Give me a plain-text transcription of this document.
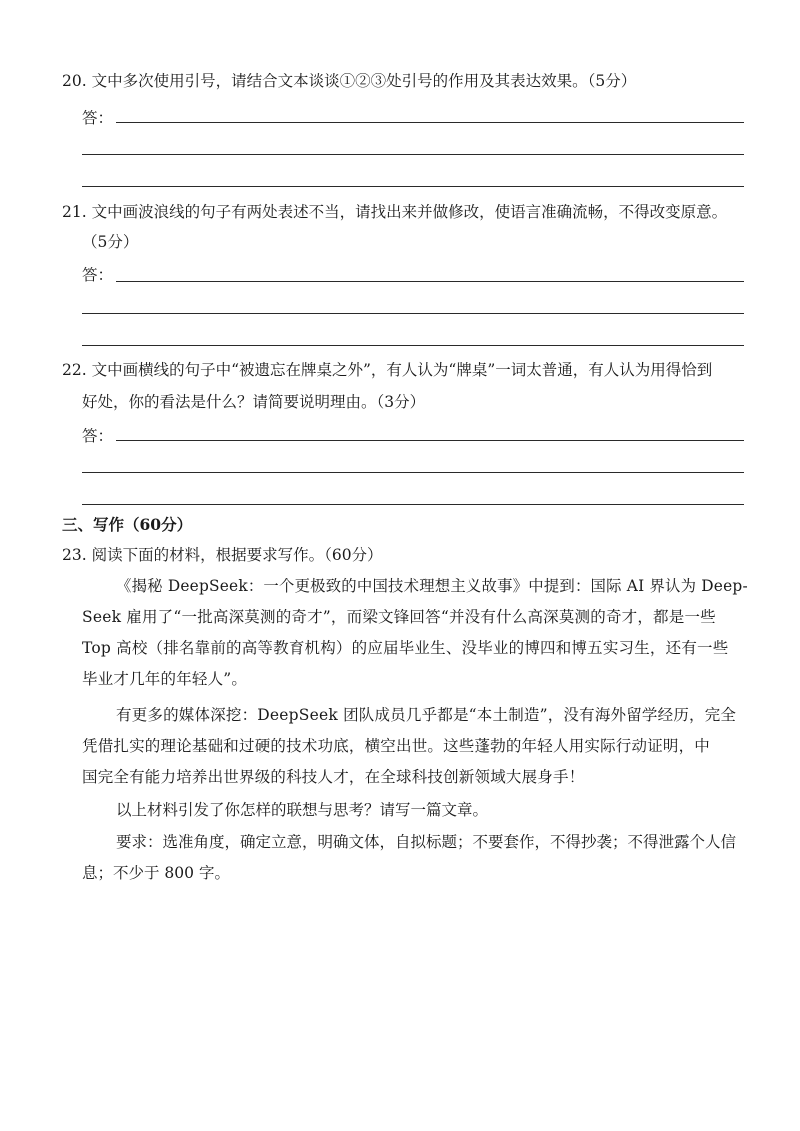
20. 文中多次使用引号，请结合文本谈谈①②③处引号的作用及其表达效果。（5分）
答：
21. 文中画波浪线的句子有两处表述不当，请找出来并做修改，使语言准确流畅，不得改变原意。
（5分）
答：
22. 文中画横线的句子中“被遗忘在牌桌之外”，有人认为“牌桌”一词太普通，有人认为用得恰到
好处，你的看法是什么？请简要说明理由。（3分）
答：
三、写作（60分）
23. 阅读下面的材料，根据要求写作。（60分）
《揭秘 DeepSeek：一个更极致的中国技术理想主义故事》中提到：国际 AI 界认为 Deep-
Seek 雇用了“一批高深莫测的奇才”，而梁文锋回答“并没有什么高深莫测的奇才，都是一些
Top 高校（排名靠前的高等教育机构）的应届毕业生、没毕业的博四和博五实习生，还有一些
毕业才几年的年轻人”。
有更多的媒体深挖：DeepSeek 团队成员几乎都是“本土制造”，没有海外留学经历，完全
凭借扎实的理论基础和过硬的技术功底，横空出世。这些蓬勃的年轻人用实际行动证明，中
国完全有能力培养出世界级的科技人才，在全球科技创新领域大展身手！
以上材料引发了你怎样的联想与思考？请写一篇文章。
要求：选准角度，确定立意，明确文体，自拟标题；不要套作，不得抄袭；不得泄露个人信
息；不少于 800 字。
